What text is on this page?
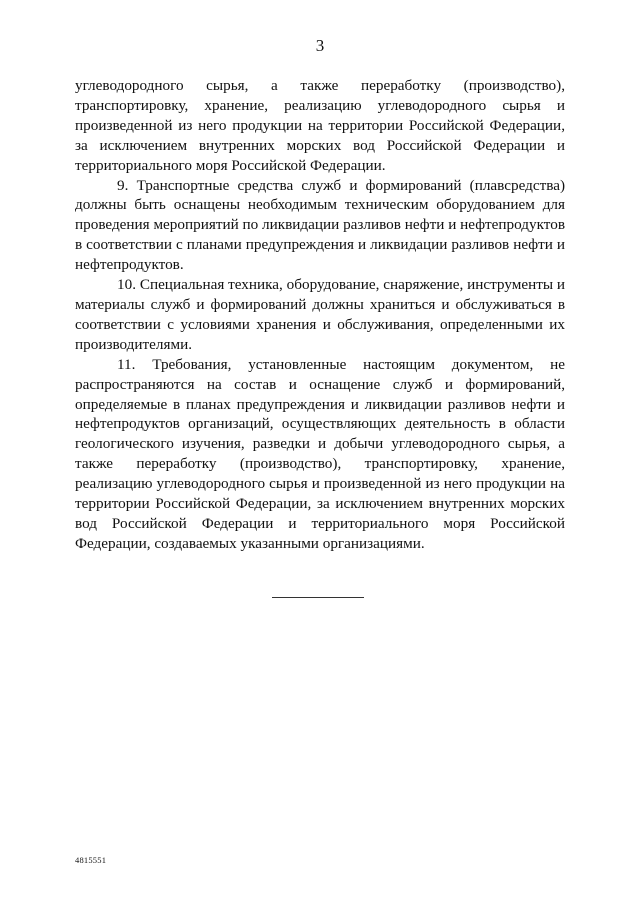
3

углеводородного сырья, а также переработку (производство), транспортировку, хранение, реализацию углеводородного сырья и произведенной из него продукции на территории Российской Федерации, за исключением внутренних морских вод Российской Федерации и территориального моря Российской Федерации.

9. Транспортные средства служб и формирований (плавсредства) должны быть оснащены необходимым техническим оборудованием для проведения мероприятий по ликвидации разливов нефти и нефтепродуктов в соответствии с планами предупреждения и ликвидации разливов нефти и нефтепродуктов.

10. Специальная техника, оборудование, снаряжение, инструменты и материалы служб и формирований должны храниться и обслуживаться в соответствии с условиями хранения и обслуживания, определенными их производителями.

11. Требования, установленные настоящим документом, не распространяются на состав и оснащение служб и формирований, определяемые в планах предупреждения и ликвидации разливов нефти и нефтепродуктов организаций, осуществляющих деятельность в области геологического изучения, разведки и добычи углеводородного сырья, а также переработку (производство), транспортировку, хранение, реализацию углеводородного сырья и произведенной из него продукции на территории Российской Федерации, за исключением внутренних морских вод Российской Федерации и территориального моря Российской Федерации, создаваемых указанными организациями.

4815551
